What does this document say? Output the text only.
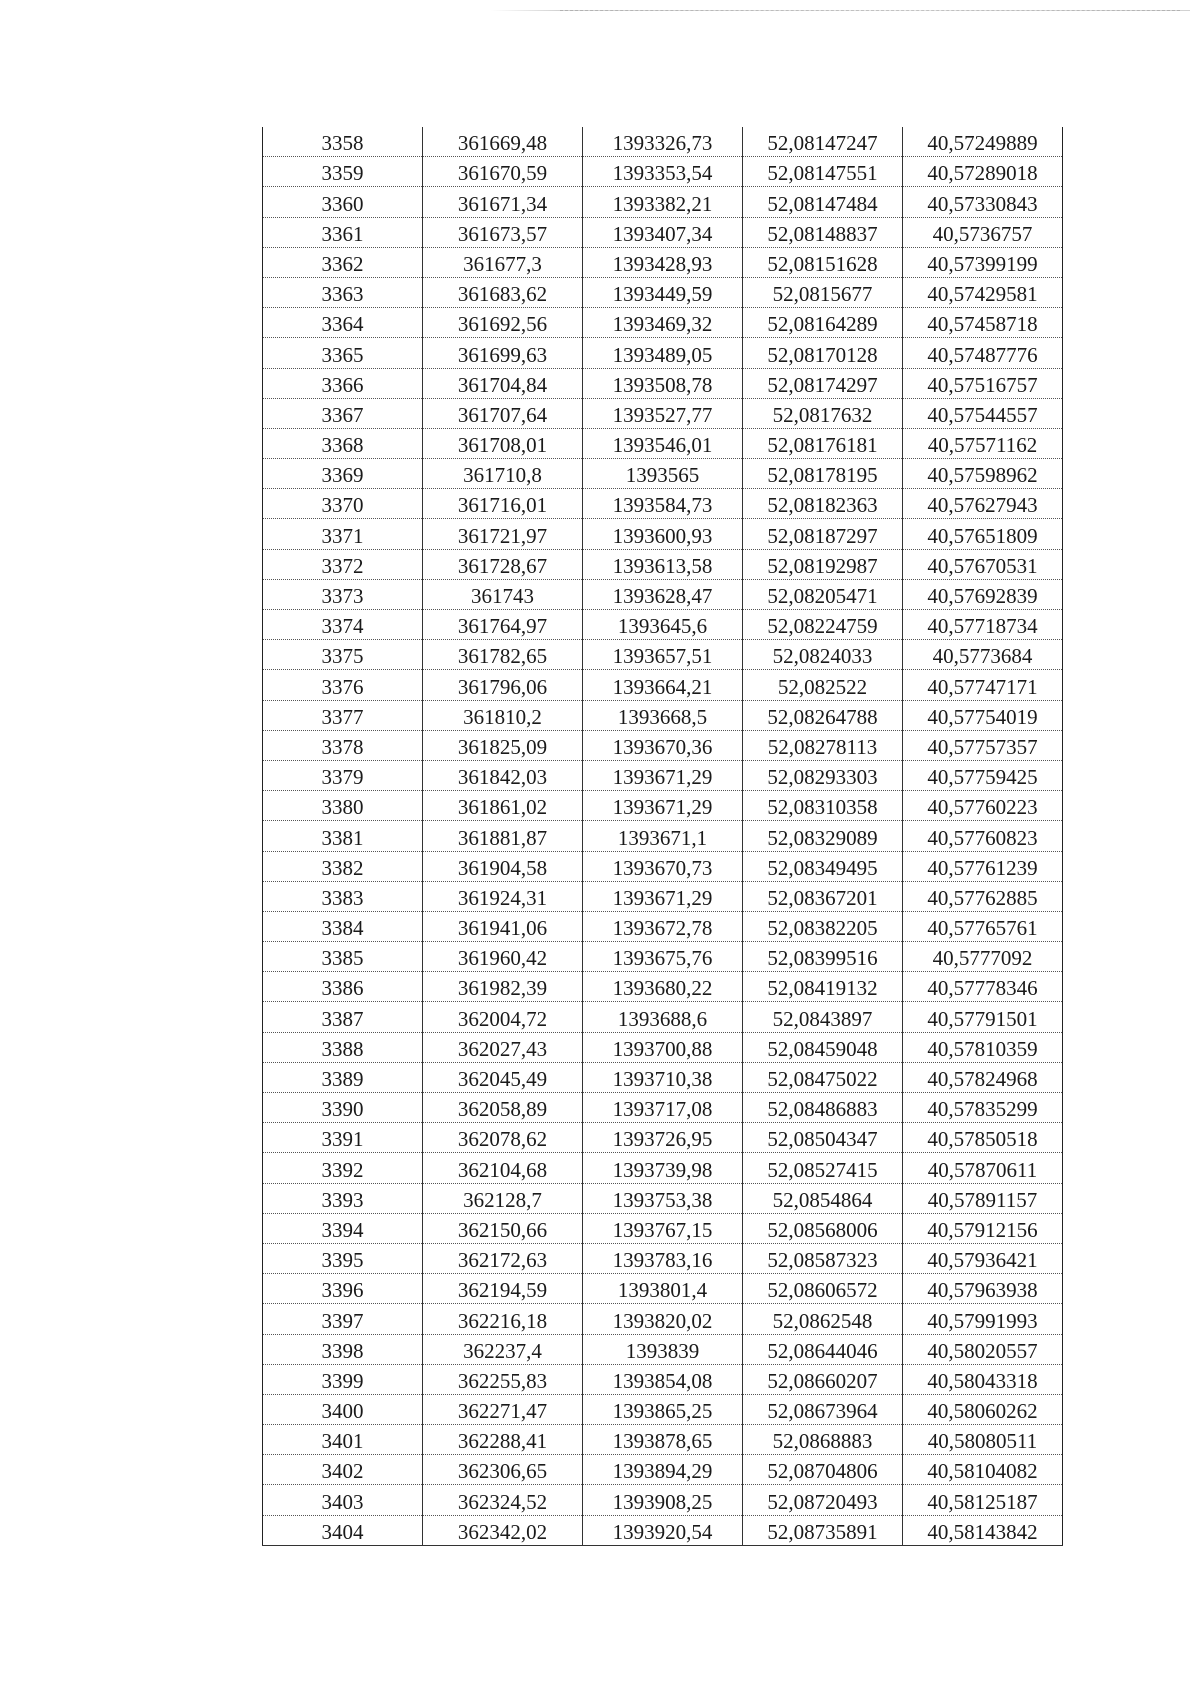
3358	361669,48	1393326,73	52,08147247	40,57249889
3359	361670,59	1393353,54	52,08147551	40,57289018
3360	361671,34	1393382,21	52,08147484	40,57330843
3361	361673,57	1393407,34	52,08148837	40,5736757
3362	361677,3	1393428,93	52,08151628	40,57399199
3363	361683,62	1393449,59	52,0815677	40,57429581
3364	361692,56	1393469,32	52,08164289	40,57458718
3365	361699,63	1393489,05	52,08170128	40,57487776
3366	361704,84	1393508,78	52,08174297	40,57516757
3367	361707,64	1393527,77	52,0817632	40,57544557
3368	361708,01	1393546,01	52,08176181	40,57571162
3369	361710,8	1393565	52,08178195	40,57598962
3370	361716,01	1393584,73	52,08182363	40,57627943
3371	361721,97	1393600,93	52,08187297	40,57651809
3372	361728,67	1393613,58	52,08192987	40,57670531
3373	361743	1393628,47	52,08205471	40,57692839
3374	361764,97	1393645,6	52,08224759	40,57718734
3375	361782,65	1393657,51	52,0824033	40,5773684
3376	361796,06	1393664,21	52,082522	40,57747171
3377	361810,2	1393668,5	52,08264788	40,57754019
3378	361825,09	1393670,36	52,08278113	40,57757357
3379	361842,03	1393671,29	52,08293303	40,57759425
3380	361861,02	1393671,29	52,08310358	40,57760223
3381	361881,87	1393671,1	52,08329089	40,57760823
3382	361904,58	1393670,73	52,08349495	40,57761239
3383	361924,31	1393671,29	52,08367201	40,57762885
3384	361941,06	1393672,78	52,08382205	40,57765761
3385	361960,42	1393675,76	52,08399516	40,5777092
3386	361982,39	1393680,22	52,08419132	40,57778346
3387	362004,72	1393688,6	52,0843897	40,57791501
3388	362027,43	1393700,88	52,08459048	40,57810359
3389	362045,49	1393710,38	52,08475022	40,57824968
3390	362058,89	1393717,08	52,08486883	40,57835299
3391	362078,62	1393726,95	52,08504347	40,57850518
3392	362104,68	1393739,98	52,08527415	40,57870611
3393	362128,7	1393753,38	52,0854864	40,57891157
3394	362150,66	1393767,15	52,08568006	40,57912156
3395	362172,63	1393783,16	52,08587323	40,57936421
3396	362194,59	1393801,4	52,08606572	40,57963938
3397	362216,18	1393820,02	52,0862548	40,57991993
3398	362237,4	1393839	52,08644046	40,58020557
3399	362255,83	1393854,08	52,08660207	40,58043318
3400	362271,47	1393865,25	52,08673964	40,58060262
3401	362288,41	1393878,65	52,0868883	40,58080511
3402	362306,65	1393894,29	52,08704806	40,58104082
3403	362324,52	1393908,25	52,08720493	40,58125187
3404	362342,02	1393920,54	52,08735891	40,58143842
